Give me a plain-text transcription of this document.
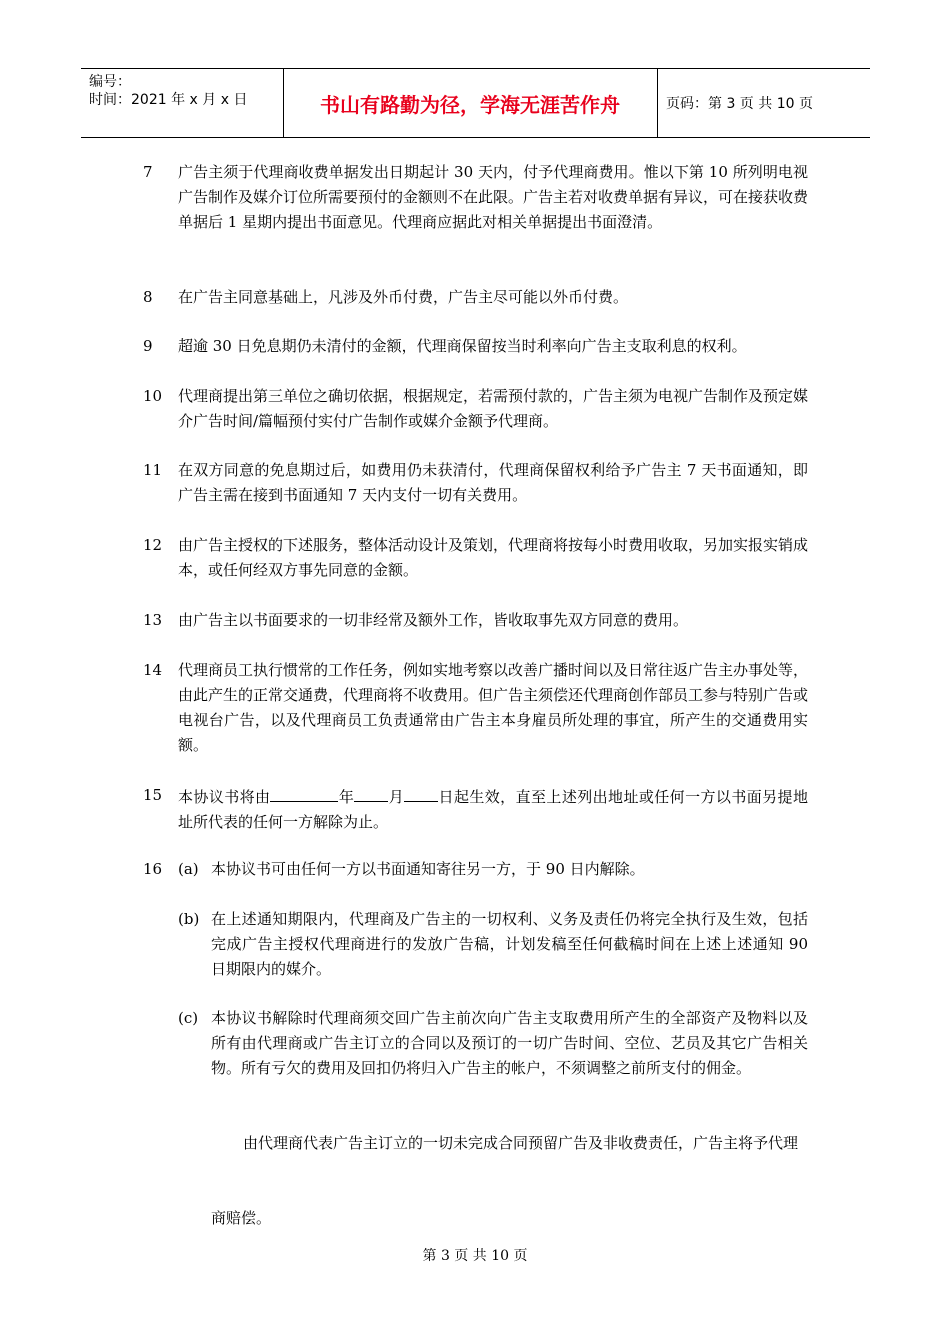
编号：
时间：2021 年 x 月 x 日	书山有路勤为径，学海无涯苦作舟	页码：第 3 页 共 10 页
7	广告主须于代理商收费单据发出日期起计 30 天内，付予代理商费用。惟以下第 10 所列明电视广告制作及媒介订位所需要预付的金额则不在此限。广告主若对收费单据有异议，可在接获收费单据后 1 星期内提出书面意见。代理商应据此对相关单据提出书面澄清。
8	在广告主同意基础上，凡涉及外币付费，广告主尽可能以外币付费。
9	超逾 30 日免息期仍未清付的金额，代理商保留按当时利率向广告主支取利息的权利。
10	代理商提出第三单位之确切依据，根据规定，若需预付款的，广告主须为电视广告制作及预定媒介广告时间/篇幅预付实付广告制作或媒介金额予代理商。
11	在双方同意的免息期过后，如费用仍未获清付，代理商保留权利给予广告主 7 天书面通知，即广告主需在接到书面通知 7 天内支付一切有关费用。
12	由广告主授权的下述服务，整体活动设计及策划，代理商将按每小时费用收取，另加实报实销成本，或任何经双方事先同意的金额。
13	由广告主以书面要求的一切非经常及额外工作，皆收取事先双方同意的费用。
14	代理商员工执行惯常的工作任务，例如实地考察以改善广播时间以及日常往返广告主办事处等，由此产生的正常交通费，代理商将不收费用。但广告主须偿还代理商创作部员工参与特别广告或电视台广告，以及代理商员工负责通常由广告主本身雇员所处理的事宜，所产生的交通费用实额。
15	本协议书将由	年 月 日起生效，直至上述列出地址或任何一方以书面另提地址所代表的任何一方解除为止。
16	(a) 本协议书可由任何一方以书面通知寄往另一方，于 90 日内解除。
(b) 在上述通知期限内，代理商及广告主的一切权利、义务及责任仍将完全执行及生效，包括完成广告主授权代理商进行的发放广告稿，计划发稿至任何截稿时间在上述上述通知 90 日期限内的媒介。
(c) 本协议书解除时代理商须交回广告主前次向广告主支取费用所产生的全部资产及物料以及所有由代理商或广告主订立的合同以及预订的一切广告时间、空位、艺员及其它广告相关物。所有亏欠的费用及回扣仍将归入广告主的帐户，不须调整之前所支付的佣金。
由代理商代表广告主订立的一切未完成合同预留广告及非收费责任，广告主将予代理
商赔偿。
第 3 页 共 10 页
